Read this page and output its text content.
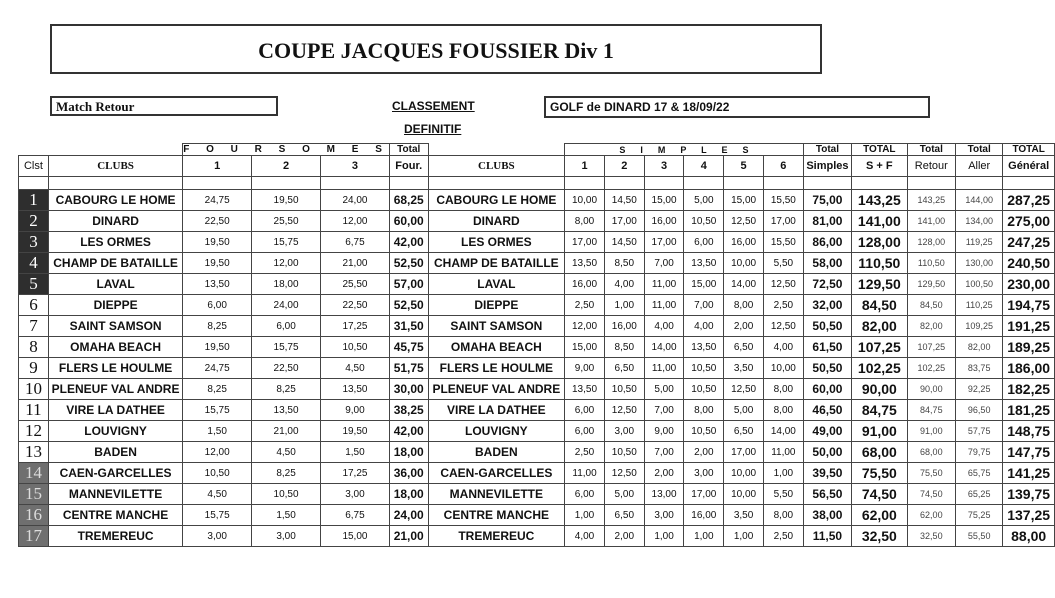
COUPE JACQUES FOUSSIER Div 1
Match Retour	CLASSEMENT
DEFINITIF
GOLF de DINARD 17 & 18/09/22
		F O U R S O M E S			Total		S      I      M      P      L      E      S						Total	TOTAL	Total	Total	TOTAL
Clst	CLUBS	1	2	3	Four.	CLUBS	1	2	3	4	5	6	Simples	S + F	Retour	Aller	Général

1	CABOURG LE HOME	24,75	19,50	24,00	68,25	CABOURG LE HOME	10,00	14,50	15,00	5,00	15,00	15,50	75,00	143,25	143,25	144,00	287,25
2	DINARD	22,50	25,50	12,00	60,00	DINARD	8,00	17,00	16,00	10,50	12,50	17,00	81,00	141,00	141,00	134,00	275,00
3	LES ORMES	19,50	15,75	6,75	42,00	LES ORMES	17,00	14,50	17,00	6,00	16,00	15,50	86,00	128,00	128,00	119,25	247,25
4	CHAMP DE BATAILLE	19,50	12,00	21,00	52,50	CHAMP DE BATAILLE	13,50	8,50	7,00	13,50	10,00	5,50	58,00	110,50	110,50	130,00	240,50
5	LAVAL	13,50	18,00	25,50	57,00	LAVAL	16,00	4,00	11,00	15,00	14,00	12,50	72,50	129,50	129,50	100,50	230,00
6	DIEPPE	6,00	24,00	22,50	52,50	DIEPPE	2,50	1,00	11,00	7,00	8,00	2,50	32,00	84,50	84,50	110,25	194,75
7	SAINT SAMSON	8,25	6,00	17,25	31,50	SAINT SAMSON	12,00	16,00	4,00	4,00	2,00	12,50	50,50	82,00	82,00	109,25	191,25
8	OMAHA BEACH	19,50	15,75	10,50	45,75	OMAHA BEACH	15,00	8,50	14,00	13,50	6,50	4,00	61,50	107,25	107,25	82,00	189,25
9	FLERS LE HOULME	24,75	22,50	4,50	51,75	FLERS LE HOULME	9,00	6,50	11,00	10,50	3,50	10,00	50,50	102,25	102,25	83,75	186,00
10	PLENEUF VAL ANDRE	8,25	8,25	13,50	30,00	PLENEUF VAL ANDRE	13,50	10,50	5,00	10,50	12,50	8,00	60,00	90,00	90,00	92,25	182,25
11	VIRE LA DATHEE	15,75	13,50	9,00	38,25	VIRE LA DATHEE	6,00	12,50	7,00	8,00	5,00	8,00	46,50	84,75	84,75	96,50	181,25
12	LOUVIGNY	1,50	21,00	19,50	42,00	LOUVIGNY	6,00	3,00	9,00	10,50	6,50	14,00	49,00	91,00	91,00	57,75	148,75
13	BADEN	12,00	4,50	1,50	18,00	BADEN	2,50	10,50	7,00	2,00	17,00	11,00	50,00	68,00	68,00	79,75	147,75
14	CAEN-GARCELLES	10,50	8,25	17,25	36,00	CAEN-GARCELLES	11,00	12,50	2,00	3,00	10,00	1,00	39,50	75,50	75,50	65,75	141,25
15	MANNEVILETTE	4,50	10,50	3,00	18,00	MANNEVILETTE	6,00	5,00	13,00	17,00	10,00	5,50	56,50	74,50	74,50	65,25	139,75
16	CENTRE MANCHE	15,75	1,50	6,75	24,00	CENTRE MANCHE	1,00	6,50	3,00	16,00	3,50	8,00	38,00	62,00	62,00	75,25	137,25
17	TREMEREUC	3,00	3,00	15,00	21,00	TREMEREUC	4,00	2,00	1,00	1,00	1,00	2,50	11,50	32,50	32,50	55,50	88,00
